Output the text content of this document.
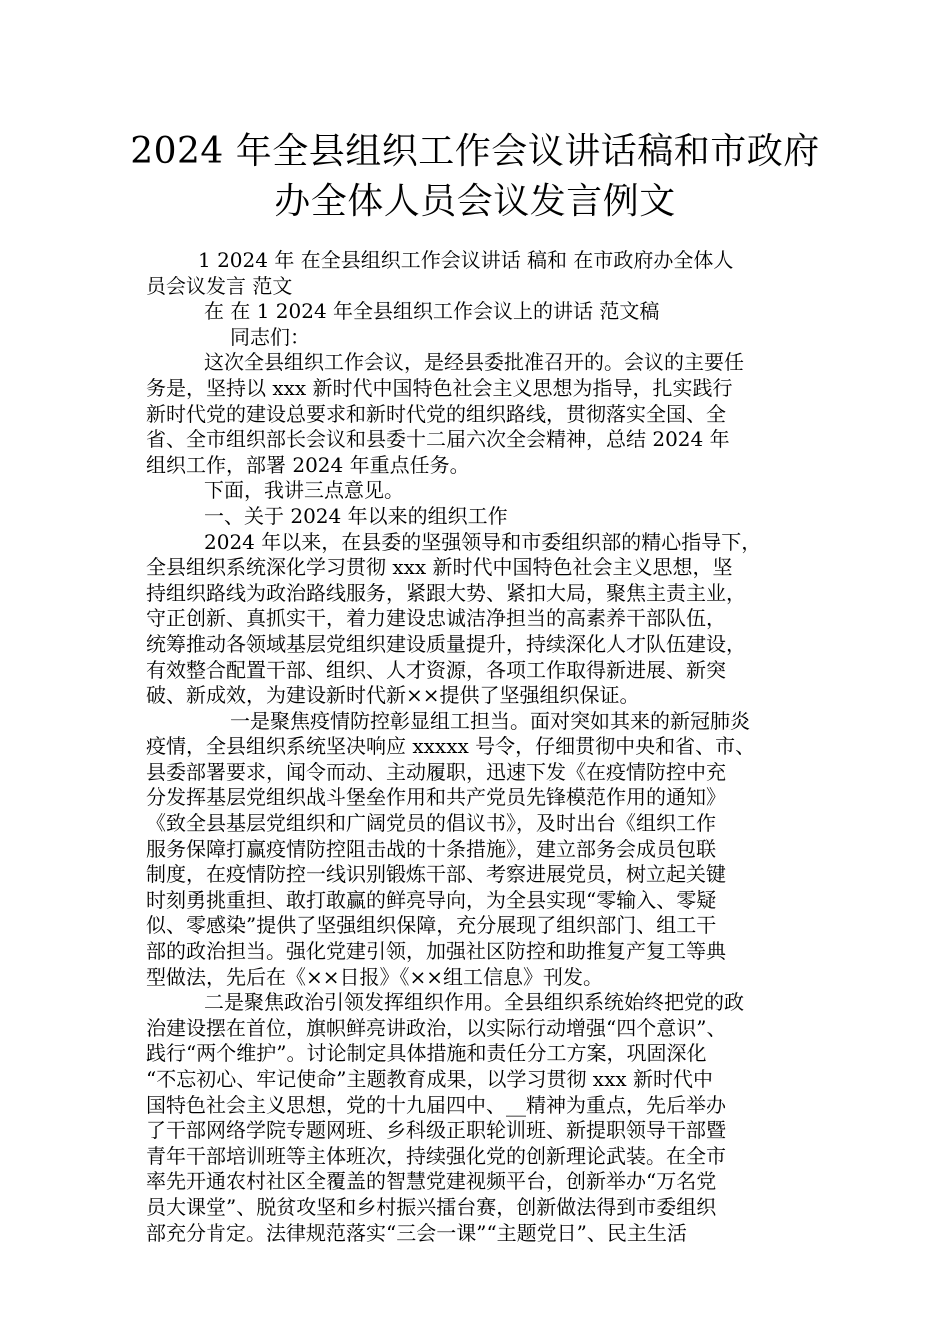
2024 年全县组织工作会议讲话稿和市政府
办全体人员会议发言例文
1 2024 年 在全县组织工作会议讲话 稿和 在市政府办全体人
员会议发言 范文
在 在 1 2024 年全县组织工作会议上的讲话 范文稿
同志们：
这次全县组织工作会议，是经县委批准召开的。会议的主要任
务是，坚持以 xxx 新时代中国特色社会主义思想为指导，扎实践行
新时代党的建设总要求和新时代党的组织路线，贯彻落实全国、全
省、全市组织部长会议和县委十二届六次全会精神，总结 2024 年
组织工作，部署 2024 年重点任务。
下面，我讲三点意见。
一、关于 2024 年以来的组织工作
2024 年以来，在县委的坚强领导和市委组织部的精心指导下，
全县组织系统深化学习贯彻 xxx 新时代中国特色社会主义思想，坚
持组织路线为政治路线服务，紧跟大势、紧扣大局，聚焦主责主业，
守正创新、真抓实干，着力建设忠诚洁净担当的高素养干部队伍，
统筹推动各领域基层党组织建设质量提升，持续深化人才队伍建设，
有效整合配置干部、组织、人才资源，各项工作取得新进展、新突
破、新成效，为建设新时代新××提供了坚强组织保证。
一是聚焦疫情防控彰显组工担当。面对突如其来的新冠肺炎
疫情，全县组织系统坚决响应 xxxxx 号令，仔细贯彻中央和省、市、
县委部署要求，闻令而动、主动履职，迅速下发《在疫情防控中充
分发挥基层党组织战斗堡垒作用和共产党员先锋模范作用的通知》
《致全县基层党组织和广阔党员的倡议书》，及时出台《组织工作
服务保障打赢疫情防控阻击战的十条措施》，建立部务会成员包联
制度，在疫情防控一线识别锻炼干部、考察进展党员，树立起关键
时刻勇挑重担、敢打敢赢的鲜亮导向，为全县实现“零输入、零疑
似、零感染”提供了坚强组织保障，充分展现了组织部门、组工干
部的政治担当。强化党建引领，加强社区防控和助推复产复工等典
型做法，先后在《××日报》《××组工信息》刊发。
二是聚焦政治引领发挥组织作用。全县组织系统始终把党的政
治建设摆在首位，旗帜鲜亮讲政治，以实际行动增强“四个意识”、
践行“两个维护”。讨论制定具体措施和责任分工方案，巩固深化
“不忘初心、牢记使命”主题教育成果，以学习贯彻 xxx 新时代中
国特色社会主义思想，党的十九届四中、__精神为重点，先后举办
了干部网络学院专题网班、乡科级正职轮训班、新提职领导干部暨
青年干部培训班等主体班次，持续强化党的创新理论武装。在全市
率先开通农村社区全覆盖的智慧党建视频平台，创新举办“万名党
员大课堂”、脱贫攻坚和乡村振兴擂台赛，创新做法得到市委组织
部充分肯定。法律规范落实“三会一课”“主题党日”、民主生活
